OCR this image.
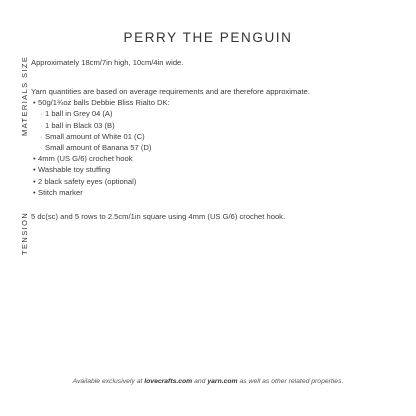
PERRY THE PENGUIN
SIZE Approximately 18cm/7in high, 10cm/4in wide.
MATERIALS Yarn quantities are based on average requirements and are therefore approximate.
• 50g/1¾oz balls Debbie Bliss Rialto DK:
· 1 ball in Grey 04 (A)
· 1 ball in Black 03 (B)
· Small amount of White 01 (C)
· Small amount of Banana 57 (D)
• 4mm (US G/6) crochet hook
• Washable toy stuffing
• 2 black safety eyes (optional)
• Stitch marker
TENSION 5 dc(sc) and 5 rows to 2.5cm/1in square using 4mm (US G/6) crochet hook.
Available exclusively at lovecrafts.com and yarn.com as well as other related properties.
